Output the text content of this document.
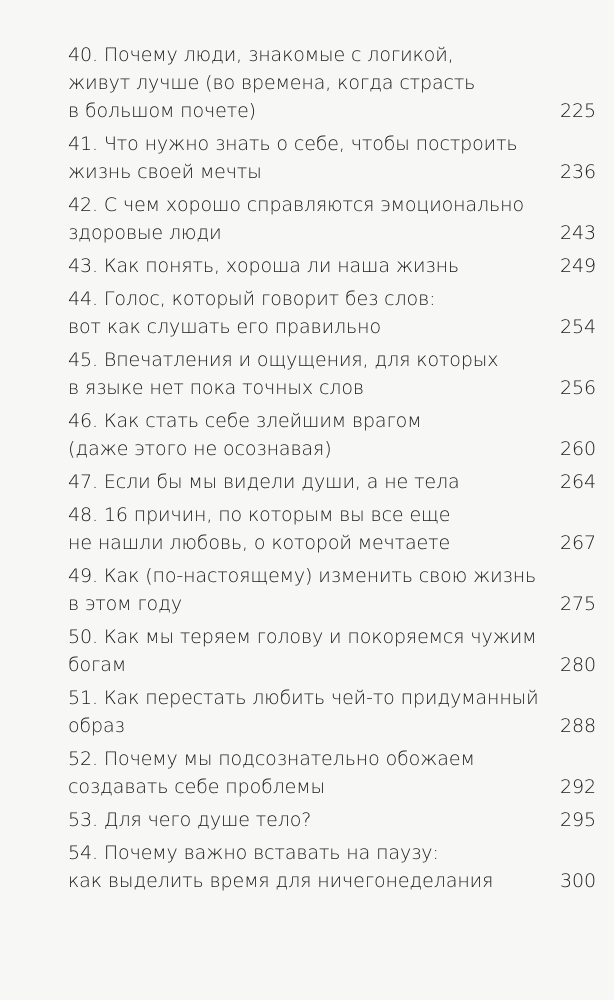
40. Почему люди, знакомые с логикой,
живут лучше (во времена, когда страсть
в большом почете)	225
41. Что нужно знать о себе, чтобы построить
жизнь своей мечты	236
42. С чем хорошо справляются эмоционально
здоровые люди	243
43. Как понять, хороша ли наша жизнь	249
44. Голос, который говорит без слов:
вот как слушать его правильно	254
45. Впечатления и ощущения, для которых
в языке нет пока точных слов	256
46. Как стать себе злейшим врагом
(даже этого не осознавая)	260
47. Если бы мы видели души, а не тела	264
48. 16 причин, по которым вы все еще
не нашли любовь, о которой мечтаете	267
49. Как (по-настоящему) изменить свою жизнь
в этом году	275
50. Как мы теряем голову и покоряемся чужим
богам	280
51. Как перестать любить чей-то придуманный
образ	288
52. Почему мы подсознательно обожаем
создавать себе проблемы	292
53. Для чего душе тело?	295
54. Почему важно вставать на паузу:
как выделить время для ничегонеделания	300
